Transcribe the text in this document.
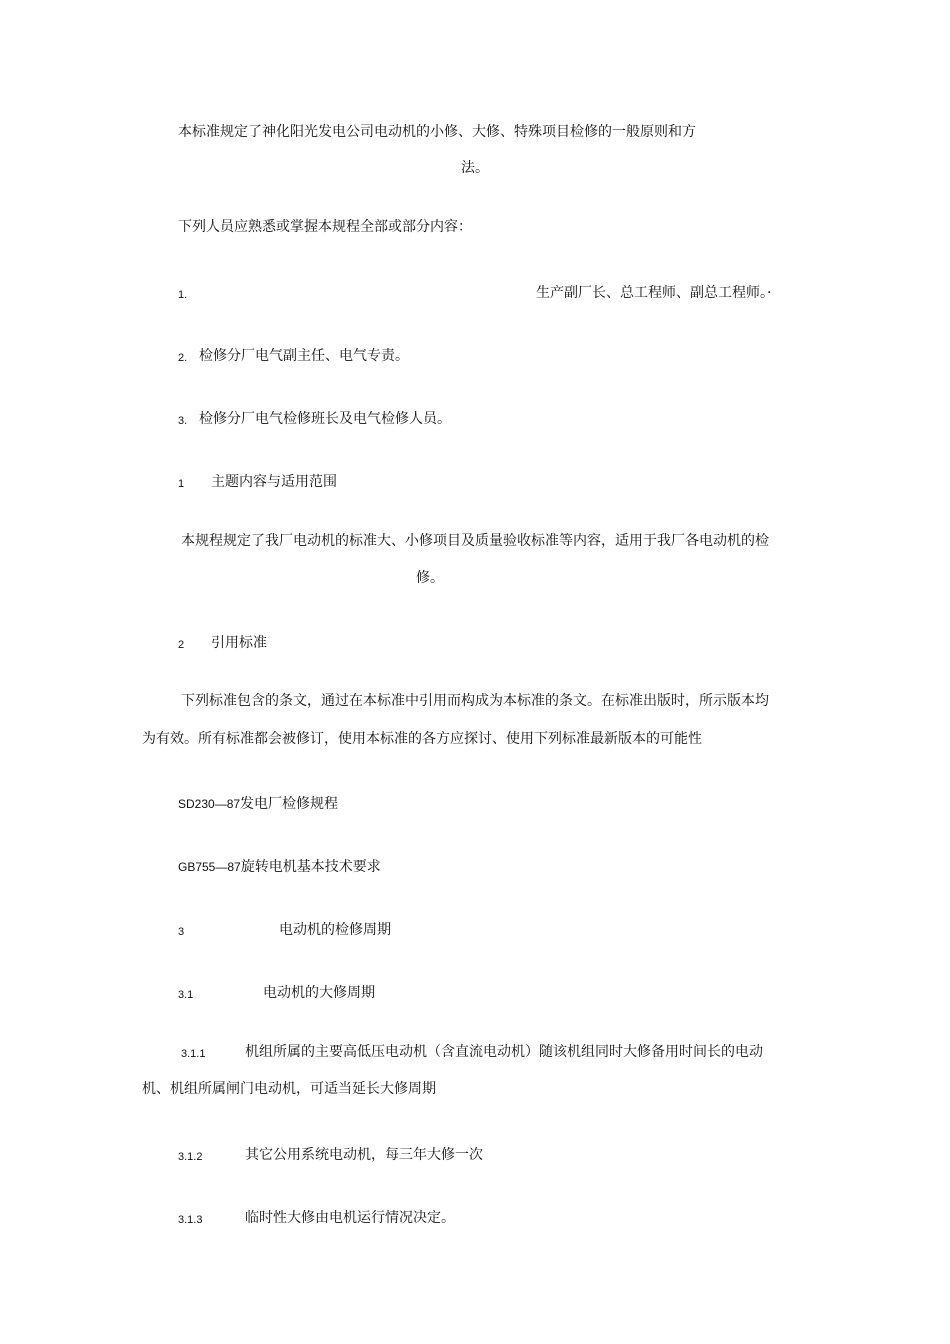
本标准规定了神化阳光发电公司电动机的小修、大修、特殊项目检修的一般原则和方
法。
下列人员应熟悉或掌握本规程全部或部分内容：
1.	生产副厂长、总工程师、副总工程师。·
2. 检修分厂电气副主任、电气专责。
3. 检修分厂电气检修班长及电气检修人员。
1 主题内容与适用范围
本规程规定了我厂电动机的标准大、小修项目及质量验收标准等内容，适用于我厂各电动机的检
修。
2 引用标准
下列标准包含的条文，通过在本标准中引用而构成为本标准的条文。在标准出版时，所示版本均
为有效。所有标准都会被修订，使用本标准的各方应探讨、使用下列标准最新版本的可能性
SD230—87发电厂检修规程
GB755—87旋转电机基本技术要求
3	电动机的检修周期
3.1	电动机的大修周期
3.1.1	机组所属的主要高低压电动机（含直流电动机）随该机组同时大修备用时间长的电动
机、机组所属闸门电动机，可适当延长大修周期
3.1.2	其它公用系统电动机，每三年大修一次
3.1.3	临时性大修由电机运行情况决定。
